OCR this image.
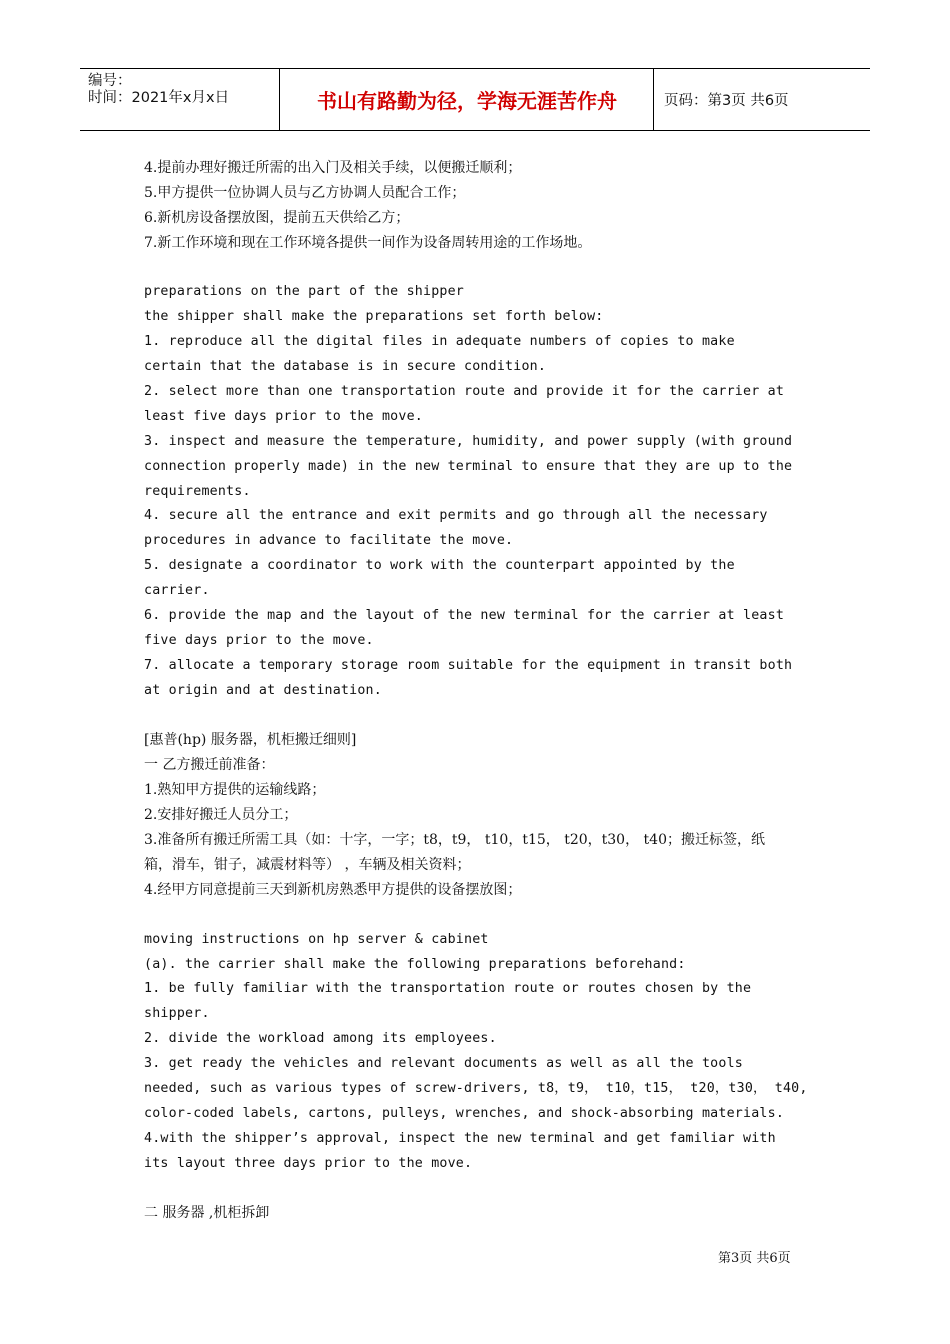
编号：
时间：2021年x月x日	书山有路勤为径，学海无涯苦作舟	页码：第3页 共6页
4.提前办理好搬迁所需的出入门及相关手续，以便搬迁顺利；
5.甲方提供一位协调人员与乙方协调人员配合工作；
6.新机房设备摆放图，提前五天供给乙方；
7.新工作环境和现在工作环境各提供一间作为设备周转用途的工作场地。
preparations on the part of the shipper
the shipper shall make the preparations set forth below:
1. reproduce all the digital files in adequate numbers of copies to make
certain that the database is in secure condition.
2. select more than one transportation route and provide it for the carrier at
least five days prior to the move.
3. inspect and measure the temperature, humidity, and power supply (with ground
connection properly made) in the new terminal to ensure that they are up to the
requirements.
4. secure all the entrance and exit permits and go through all the necessary
procedures in advance to facilitate the move.
5. designate a coordinator to work with the counterpart appointed by the
carrier.
6. provide the map and the layout of the new terminal for the carrier at least
five days prior to the move.
7. allocate a temporary storage room suitable for the equipment in transit both
at origin and at destination.
[惠普(hp) 服务器，机柜搬迁细则]
一 乙方搬迁前准备：
1.熟知甲方提供的运输线路；
2.安排好搬迁人员分工；
3.准备所有搬迁所需工具（如：十字，一字；t8，t9， t10，t15， t20，t30， t40；搬迁标签，纸
箱，滑车，钳子，减震材料等） ，车辆及相关资料；
4.经甲方同意提前三天到新机房熟悉甲方提供的设备摆放图；
moving instructions on hp server & cabinet
(a). the carrier shall make the following preparations beforehand:
1. be fully familiar with the transportation route or routes chosen by the
shipper.
2. divide the workload among its employees.
3. get ready the vehicles and relevant documents as well as all the tools
needed, such as various types of screw-drivers, t8，t9， t10，t15， t20，t30， t40,
color-coded labels, cartons, pulleys, wrenches, and shock-absorbing materials.
4.with the shipper’s approval, inspect the new terminal and get familiar with
its layout three days prior to the move.
二 服务器 ,机柜拆卸
第3页 共6页
